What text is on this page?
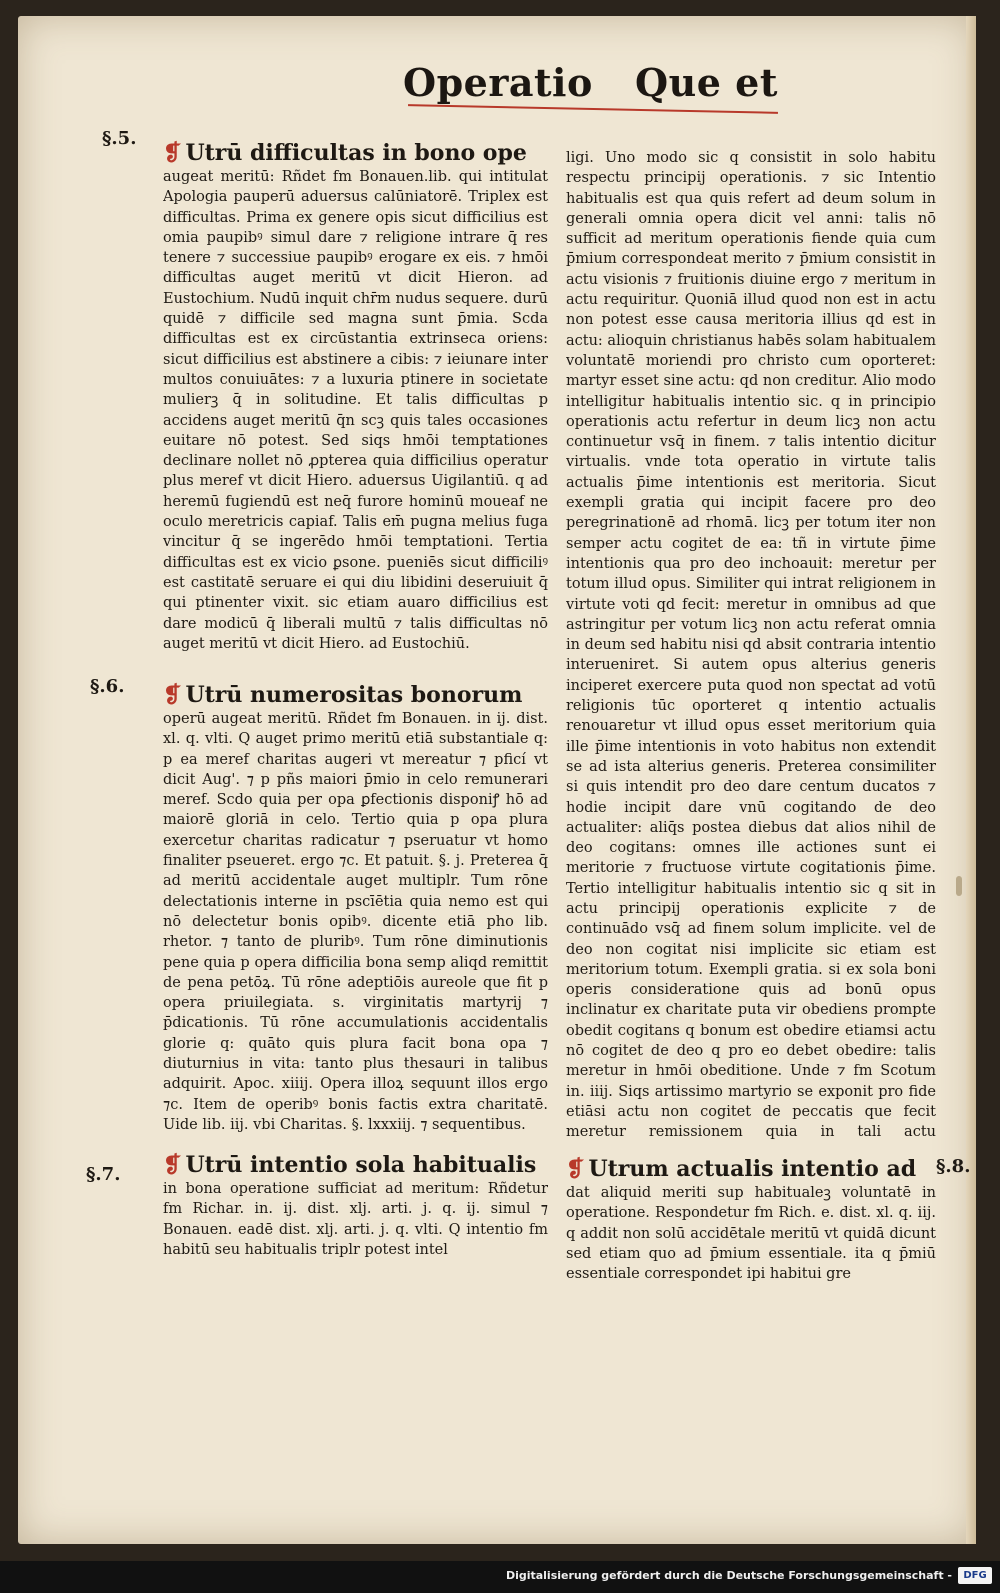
Operatio Que et
§.5.
§.6.
§.7.
❡ Utrū difficultas in bono ope
augeat meritū: Rñdet fm Bonauen.lib. qui intitulat Apologia pauperū aduersus calūniatorē. Triplex est difficultas. Prima ex genere opis sicut difficilius est omia paupibꝰ simul dare ⁊ religione intrare q̄ res tenere ⁊ successiue paupibꝰ erogare ex eis. ⁊ hmōi difficultas auget meritū vt dicit Hieron. ad Eustochium. Nudū inquit chr̄m nudus sequere. durū quidē ⁊ difficile sed magna sunt p̄mia. Scda difficultas est ex circūstantia extrinseca oriens: sicut difficilius est abstinere a cibis: ⁊ ieiunare inter multos conuiuātes: ⁊ a luxuria ptinere in societate mulierꝫ q̄ in solitudine. Et talis difficultas p accidens auget meritū q̄n scꝫ quis tales occasiones euitare nō potest. Sed siqs hmōi temptationes declinare nollet nō ꝓpterea quia difficilius operatur plus meref vt dicit Hiero. aduersus Uigilantiū. q ad heremū fugiendū est neq̄ furore hominū moueaf ne oculo meretricis capiaf. Talis em̄ pugna melius fuga vincitur q̄ se ingerēdo hmōi temptationi. Tertia difficultas est ex vicio ꝑsone. pueniēs sicut difficiliꝰ est castitatē seruare ei qui diu libidini deseruiuit q̄ qui ptinenter vixit. sic etiam auaro difficilius est dare modicū q̄ liberali multū ⁊ talis difficultas nō auget meritū vt dicit Hiero. ad Eustochiū.
❡ Utrū numerositas bonorum
operū augeat meritū. Rñdet fm Bonauen. in ij. dist. xl. q. vlti. Q auget primo meritū etiā substantiale q: p ea meref charitas augeri vt mereatur ⁊ pficí vt dicit Aug'. ⁊ p pñs maiori p̄mio in celo remunerari meref. Scdo quia per opa ꝑfectionis disponiꝭ hō ad maiorē gloriā in celo. Tertio quia p opa plura exercetur charitas radicatur ⁊ pseruatur vt homo finaliter pseueret. ergo ⁊c. Et patuit. §. j. Preterea q̄ ad meritū accidentale auget multiplr. Tum rōne delectationis interne in pscīētia quia nemo est qui nō delectetur bonis opibꝰ. dicente etiā pho lib. rhetor. ⁊ tanto de pluribꝰ. Tum rōne diminutionis pene quia p opera difficilia bona semp aliqd remittit de pena petōꝝ. Tū rōne adeptiōis aureole que fit p opera priuilegiata. s. virginitatis martyrij ⁊ p̄dicationis. Tū rōne accumulationis accidentalis glorie q: quāto quis plura facit bona opa ⁊ diuturnius in vita: tanto plus thesauri in talibus adquirit. Apoc. xiiij. Opera illoꝝ sequunt illos ergo ⁊c. Item de operibꝰ bonis factis extra charitatē. Uide lib. iij. vbi Charitas. §. lxxxiij. ⁊ sequentibus.
❡ Utrū intentio sola habitualis
in bona operatione sufficiat ad meritum: Rñdetur fm Richar. in. ij. dist. xlj. arti. j. q. ij. simul ⁊ Bonauen. eadē dist. xlj. arti. j. q. vlti. Q intentio fm habitū seu habitualis triplr potest intel
ligi. Uno modo sic q consistit in solo habitu respectu principij operationis. ⁊ sic Intentio habitualis est qua quis refert ad deum solum in generali omnia opera dicit vel anni: talis nō sufficit ad meritum operationis fiende quia cum p̄mium correspondeat merito ⁊ p̄mium consistit in actu visionis ⁊ fruitionis diuine ergo ⁊ meritum in actu requiritur. Quoniā illud quod non est in actu non potest esse causa meritoria illius qd est in actu: alioquin christianus habēs solam habitualem voluntatē moriendi pro christo cum oporteret: martyr esset sine actu: qd non creditur. Alio modo intelligitur habitualis intentio sic. q in principio operationis actu refertur in deum licꝫ non actu continuetur vsq̄ in finem. ⁊ talis intentio dicitur virtualis. vnde tota operatio in virtute talis actualis p̄ime intentionis est meritoria. Sicut exempli gratia qui incipit facere pro deo peregrinationē ad rhomā. licꝫ per totum iter non semper actu cogitet de ea: tñ in virtute p̄ime intentionis qua pro deo inchoauit: meretur per totum illud opus. Similiter qui intrat religionem in virtute voti qd fecit: meretur in omnibus ad que astringitur per votum licꝫ non actu referat omnia in deum sed habitu nisi qd absit contraria intentio interueniret. Si autem opus alterius generis inciperet exercere puta quod non spectat ad votū religionis tūc oporteret q intentio actualis renouaretur vt illud opus esset meritorium quia ille p̄ime intentionis in voto habitus non extendit se ad ista alterius generis. Preterea consimiliter si quis intendit pro deo dare centum ducatos ⁊ hodie incipit dare vnū cogitando de deo actualiter: aliq̄s postea diebus dat alios nihil de deo cogitans: omnes ille actiones sunt ei meritorie ⁊ fructuose virtute cogitationis p̄ime. Tertio intelligitur habitualis intentio sic q sit in actu principij operationis explicite ⁊ de continuādo vsq̄ ad finem solum implicite. vel de deo non cogitat nisi implicite sic etiam est meritorium totum. Exempli gratia. si ex sola boni operis consideratione quis ad bonū opus inclinatur ex charitate puta vir obediens prompte obedit cogitans q bonum est obedire etiamsi actu nō cogitet de deo q pro eo debet obedire: talis meretur in hmōi obeditione. Unde ⁊ fm Scotum in. iiij. Siqs artissimo martyrio se exponit pro fide etiāsi actu non cogitet de peccatis que fecit meretur remissionem quia in tali actu
❡ Utrum actualis intentio ad
dat aliquid meriti sup habitualeꝫ voluntatē in operatione. Respondetur fm Rich. e. dist. xl. q. iij. q addit non solū accidētale meritū vt quidā dicunt sed etiam quo ad p̄mium essentiale. ita q p̄miū essentiale correspondet ipi habitui gre
§.8.
Digitalisierung gefördert durch die Deutsche Forschungsgemeinschaft -	DFG
